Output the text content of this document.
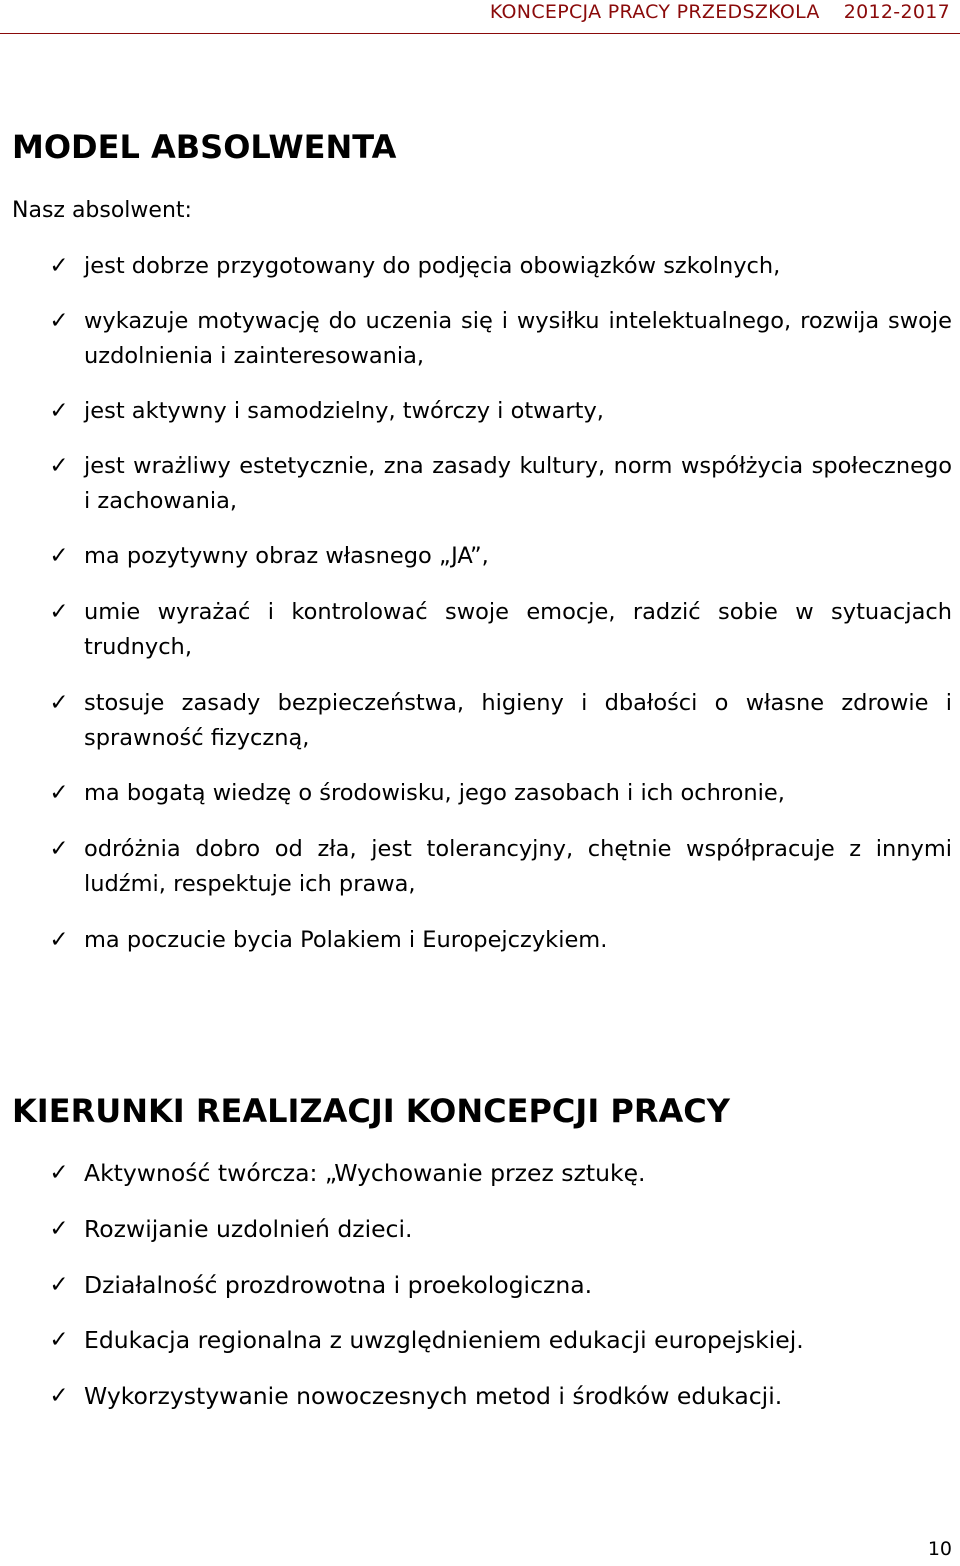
KONCEPCJA PRACY PRZEDSZKOLA 2012-2017
MODEL ABSOLWENTA

Nasz absolwent:

✓ jest dobrze przygotowany do podjęcia obowiązków szkolnych,
✓ wykazuje motywację do uczenia się i wysiłku intelektualnego, rozwija swoje uzdolnienia i zainteresowania,
✓ jest aktywny i samodzielny, twórczy i otwarty,
✓ jest wrażliwy estetycznie, zna zasady kultury, norm współżycia społecznego i zachowania,
✓ ma pozytywny obraz własnego „JA”,
✓ umie wyrażać i kontrolować swoje emocje, radzić sobie w sytuacjach trudnych,
✓ stosuje zasady bezpieczeństwa, higieny i dbałości o własne zdrowie i sprawność fizyczną,
✓ ma bogatą wiedzę o środowisku, jego zasobach i ich ochronie,
✓ odróżnia dobro od zła, jest tolerancyjny, chętnie współpracuje z innymi ludźmi, respektuje ich prawa,
✓ ma poczucie bycia Polakiem i Europejczykiem.
KIERUNKI REALIZACJI KONCEPCJI PRACY
✓ Aktywność twórcza: „Wychowanie przez sztukę.
✓ Rozwijanie uzdolnień dzieci.
✓ Działalność prozdrowotna i proekologiczna.
✓ Edukacja regionalna z uwzględnieniem edukacji europejskiej.
✓ Wykorzystywanie nowoczesnych metod i środków edukacji.
10
